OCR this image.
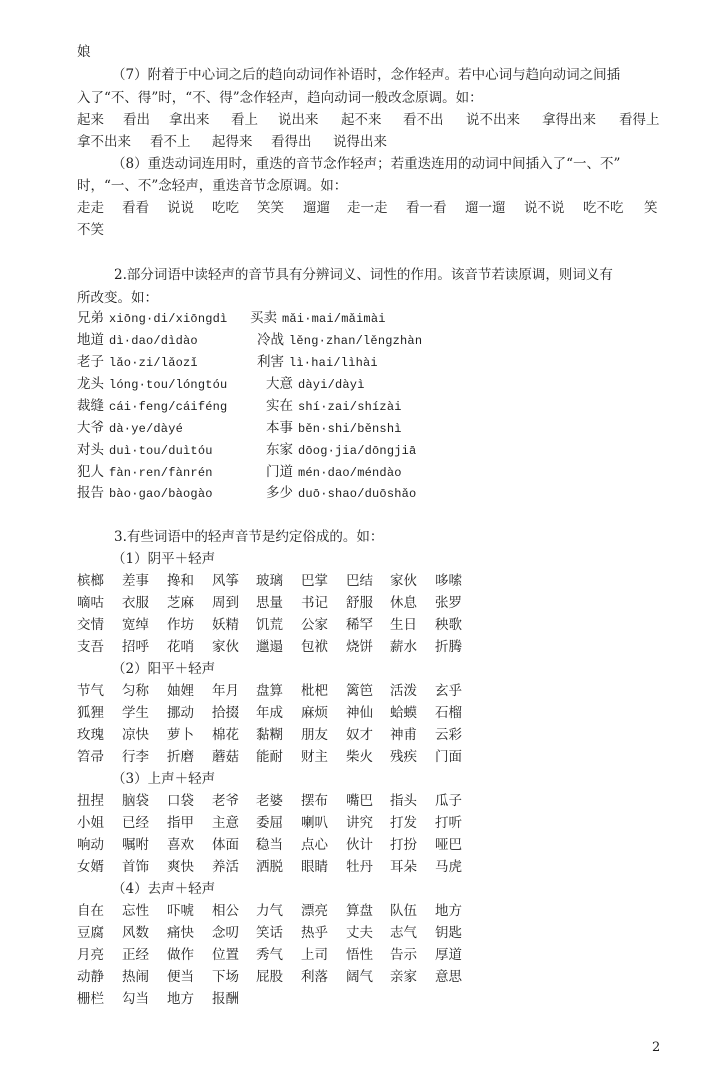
娘
（7）附着于中心词之后的趋向动词作补语时，念作轻声。若中心词与趋向动词之间插
入了“不、得”时，“不、得”念作轻声，趋向动词一般改念原调。如：
起来 看出 拿出来 看上 说出来 起不来 看不出 说不出来 拿得出来 看得上
拿不出来 看不上 起得来 看得出 说得出来
（8）重迭动词连用时，重迭的音节念作轻声；若重迭连用的动词中间插入了“一、不”
时，“一、不”念轻声，重迭音节念原调。如：
走走 看看 说说 吃吃 笑笑 遛遛 走一走 看一看 遛一遛 说不说 吃不吃 笑
不笑
2.部分词语中读轻声的音节具有分辨词义、词性的作用。该音节若读原调，则词义有
所改变。如：
兄弟 xiōng·di/xiōngdì 买卖 mǎi·mai/mǎimài
地道 dì·dao/dìdào	冷战 lěng·zhan/lěngzhàn
老子 lǎo·zi/lǎozǐ	利害 lì·hai/lìhài
龙头 lóng·tou/lóngtóu	大意 dàyi/dàyì
裁缝 cái·feng/cáiféng	实在 shí·zai/shízài
大爷 dà·ye/dàyé	本事 běn·shi/běnshì
对头 duì·tou/duìtóu	东家 dōog·jia/dōngjiā
犯人 fàn·ren/fànrén	门道 mén·dao/méndào
报告 bào·gao/bàogào	多少 duō·shao/duōshǎo
3.有些词语中的轻声音节是约定俗成的。如：
（1）阴平＋轻声
槟榔 差事 搀和 风筝 玻璃 巴掌 巴结 家伙 哆嗦
嘀咕 衣服 芝麻 周到 思量 书记 舒服 休息 张罗
交情 宽绰 作坊 妖精 饥荒 公家 稀罕 生日 秧歌
支吾 招呼 花哨 家伙 邋遢 包袱 烧饼 薪水 折腾
（2）阳平＋轻声
节气 匀称 妯娌 年月 盘算 枇杷 篱笆 活泼 玄乎
狐狸 学生 挪动 拾掇 年成 麻烦 神仙 蛤蟆 石榴
玫瑰 凉快 萝卜 棉花 黏糊 朋友 奴才 神甫 云彩
笤帚 行李 折磨 蘑菇 能耐 财主 柴火 残疾 门面
（3）上声＋轻声
扭捏 脑袋 口袋 老爷 老婆 摆布 嘴巴 指头 瓜子
小姐 已经 指甲 主意 委屈 喇叭 讲究 打发 打听
响动 嘱咐 喜欢 体面 稳当 点心 伙计 打扮 哑巴
女婿 首饰 爽快 养活 洒脱 眼睛 牡丹 耳朵 马虎
（4）去声＋轻声
自在 忘性 吓唬 相公 力气 漂亮 算盘 队伍 地方
豆腐 风数 痛快 念叨 笑话 热乎 丈夫 志气 钥匙
月亮 正经 做作 位置 秀气 上司 悟性 告示 厚道
动静 热闹 便当 下场 屁股 利落 阔气 亲家 意思
栅栏 勾当 地方 报酬
2
